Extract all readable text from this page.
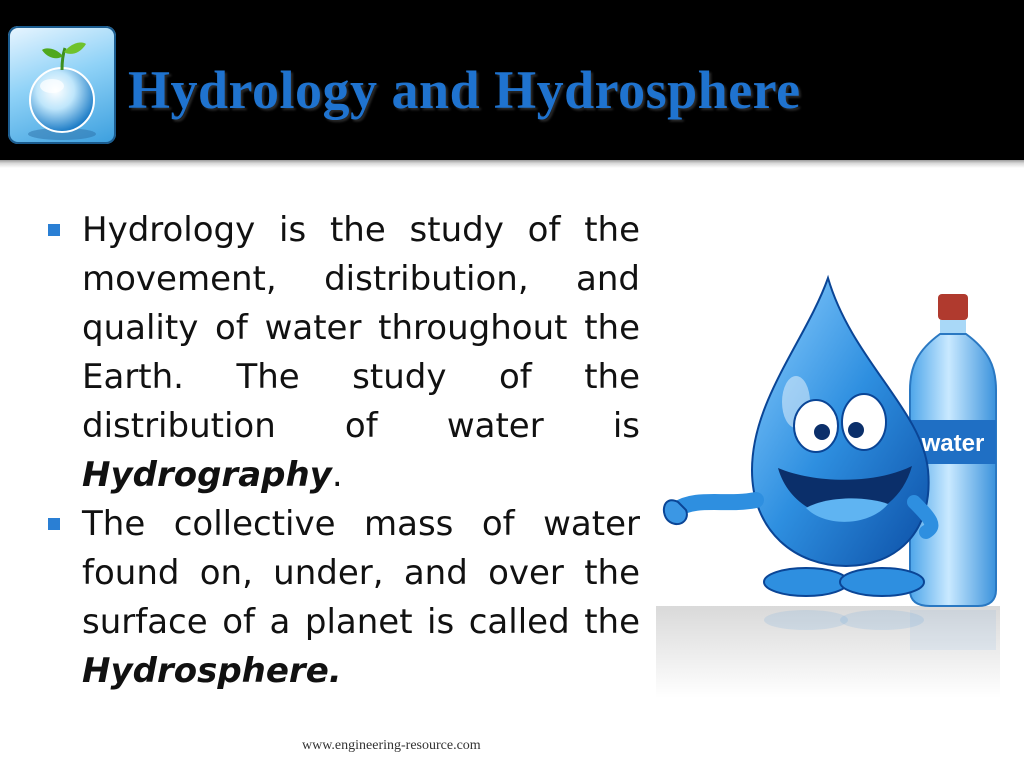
Hydrology and Hydrosphere
Hydrology is the study of the movement, distribution, and quality of water throughout the Earth. The study of the distribution of water is Hydrography.
The collective mass of water found on, under, and over the surface of a planet is called the Hydrosphere.
water
www.engineering-resource.com
